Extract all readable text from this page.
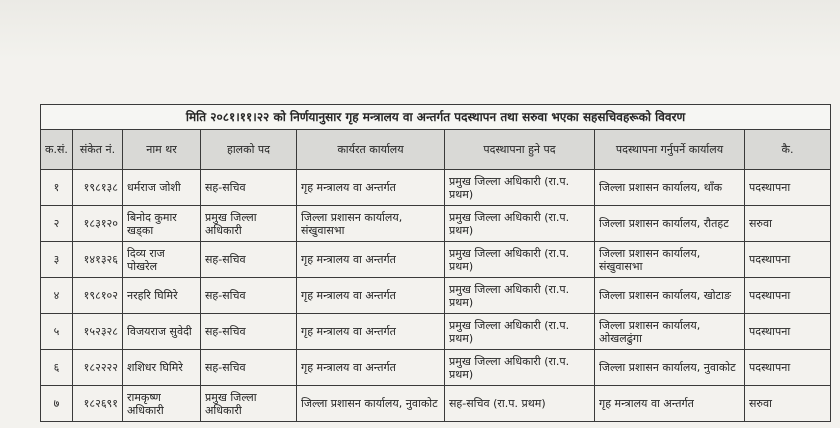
मिति २०८१।११।२२ को निर्णयानुसार गृह मन्त्रालय वा अन्तर्गत पदस्थापन तथा सरुवा भएका सहसचिवहरूको विवरण							
क.सं.	संकेत नं.	नाम थर	हालको पद	कार्यरत कार्यालय	पदस्थापना हुने पद	पदस्थापना गर्नुपर्ने कार्यालय	कै.
१	१९८१३८	धर्मराज जोशी	सह-सचिव	गृह मन्त्रालय वा अन्तर्गत	प्रमुख जिल्ला अधिकारी (रा.प. प्रथम)	जिल्ला प्रशासन कार्यालय, थाँक	पदस्थापना
२	१८३१२०	बिनोद कुमार खड्का	प्रमुख जिल्ला अधिकारी	जिल्ला प्रशासन कार्यालय, संखुवासभा	प्रमुख जिल्ला अधिकारी (रा.प. प्रथम)	जिल्ला प्रशासन कार्यालय, रौतहट	सरुवा
३	१४१३२६	दिव्य राज पोखरेल	सह-सचिव	गृह मन्त्रालय वा अन्तर्गत	प्रमुख जिल्ला अधिकारी (रा.प. प्रथम)	जिल्ला प्रशासन कार्यालय, संखुवासभा	पदस्थापना
४	१९८१०२	नरहरि घिमिरे	सह-सचिव	गृह मन्त्रालय वा अन्तर्गत	प्रमुख जिल्ला अधिकारी (रा.प. प्रथम)	जिल्ला प्रशासन कार्यालय, खोटाङ	पदस्थापना
५	१५२३२८	विजयराज सुवेदी	सह-सचिव	गृह मन्त्रालय वा अन्तर्गत	प्रमुख जिल्ला अधिकारी (रा.प. प्रथम)	जिल्ला प्रशासन कार्यालय, ओखलढुंगा	पदस्थापना
६	१८२२२२	शशिधर घिमिरे	सह-सचिव	गृह मन्त्रालय वा अन्तर्गत	प्रमुख जिल्ला अधिकारी (रा.प. प्रथम)	जिल्ला प्रशासन कार्यालय, नुवाकोट	पदस्थापना
७	१८२६९१	रामकृष्ण अधिकारी	प्रमुख जिल्ला अधिकारी	जिल्ला प्रशासन कार्यालय, नुवाकोट	सह-सचिव (रा.प. प्रथम)	गृह मन्त्रालय वा अन्तर्गत	सरुवा
